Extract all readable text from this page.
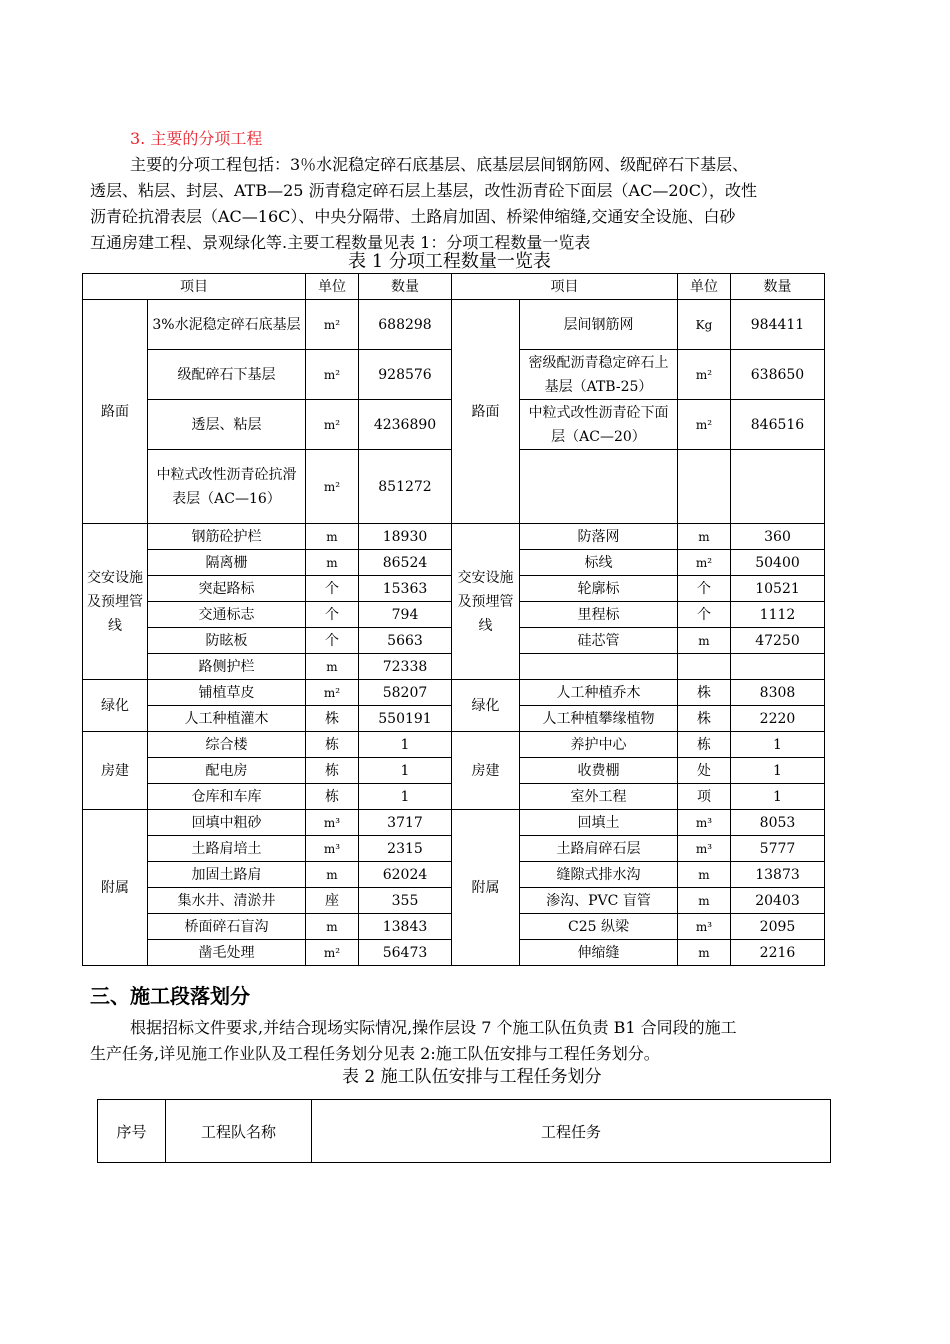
3. 主要的分项工程
主要的分项工程包括：3％水泥稳定碎石底基层、底基层层间钢筋网、级配碎石下基层、
透层、粘层、封层、ATB—25 沥青稳定碎石层上基层，改性沥青砼下面层（AC—20C），改性
沥青砼抗滑表层（AC—16C）、中央分隔带、土路肩加固、桥梁伸缩缝,交通安全设施、白砂
互通房建工程、景观绿化等.主要工程数量见表 1：分项工程数量一览表
表 1 分项工程数量一览表
项目		单位	数量	项目		单位	数量
路面	3%水泥稳定碎石底基层	m²	688298	路面	层间钢筋网	Kg	984411
	级配碎石下基层	m²	928576		密级配沥青稳定碎石上基层（ATB-25）	m²	638650
	透层、粘层	m²	4236890		中粒式改性沥青砼下面层（AC—20）	m²	846516
	中粒式改性沥青砼抗滑表层（AC—16）	m²	851272				
交安设施及预埋管线	钢筋砼护栏	m	18930	交安设施及预埋管线	防落网	m	360
	隔离栅	m	86524		标线	m²	50400
	突起路标	个	15363		轮廓标	个	10521
	交通标志	个	794		里程标	个	1112
	防眩板	个	5663		硅芯管	m	47250
	路侧护栏	m	72338				
绿化	铺植草皮	m²	58207	绿化	人工种植乔木	株	8308
	人工种植灌木	株	550191		人工种植攀缘植物	株	2220
房建	综合楼	栋	1	房建	养护中心	栋	1
	配电房	栋	1		收费棚	处	1
	仓库和车库	栋	1		室外工程	项	1
附属	回填中粗砂	m³	3717	附属	回填土	m³	8053
	土路肩培土	m³	2315		土路肩碎石层	m³	5777
	加固土路肩	m	62024		缝隙式排水沟	m	13873
	集水井、清淤井	座	355		渗沟、PVC 盲管	m	20403
	桥面碎石盲沟	m	13843		C25 纵梁	m³	2095
	凿毛处理	m²	56473		伸缩缝	m	2216
三、施工段落划分
根据招标文件要求,并结合现场实际情况,操作层设 7 个施工队伍负责 B1 合同段的施工
生产任务,详见施工作业队及工程任务划分见表 2:施工队伍安排与工程任务划分。
表 2 施工队伍安排与工程任务划分
序号	工程队名称	工程任务
